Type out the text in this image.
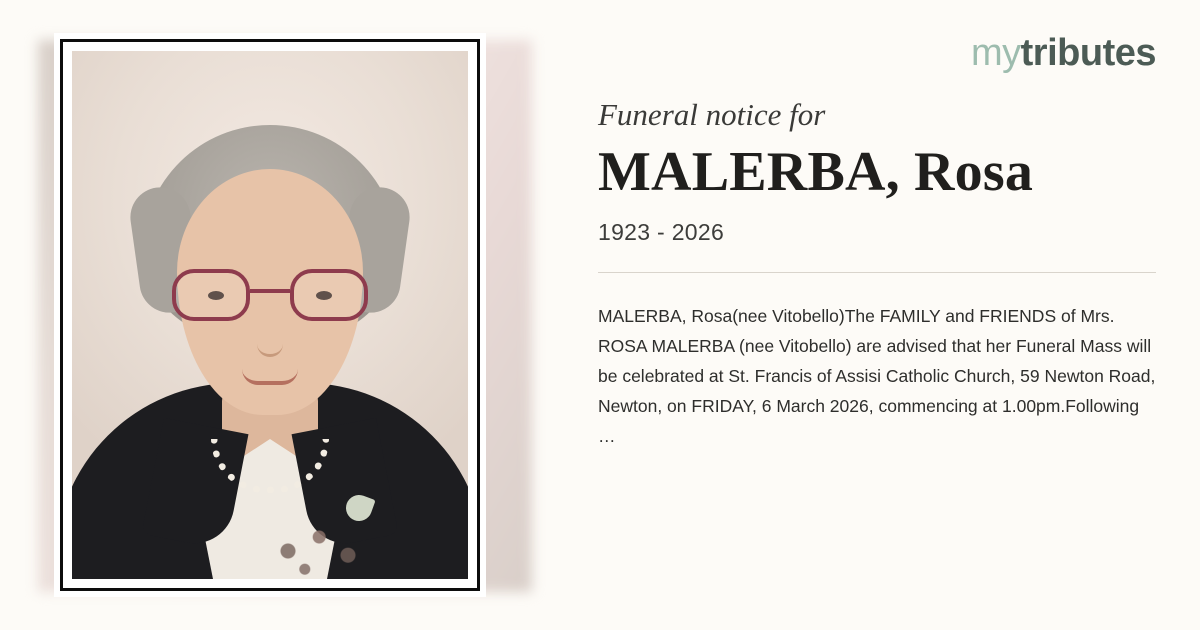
mytributes

Funeral notice for

MALERBA, Rosa

1923 - 2026

MALERBA, Rosa(nee Vitobello)The FAMILY and FRIENDS of Mrs. ROSA MALERBA (nee Vitobello) are advised that her Funeral Mass will be celebrated at St. Francis of Assisi Catholic Church, 59 Newton Road, Newton, on FRIDAY, 6 March 2026, commencing at 1.00pm.Following

…
